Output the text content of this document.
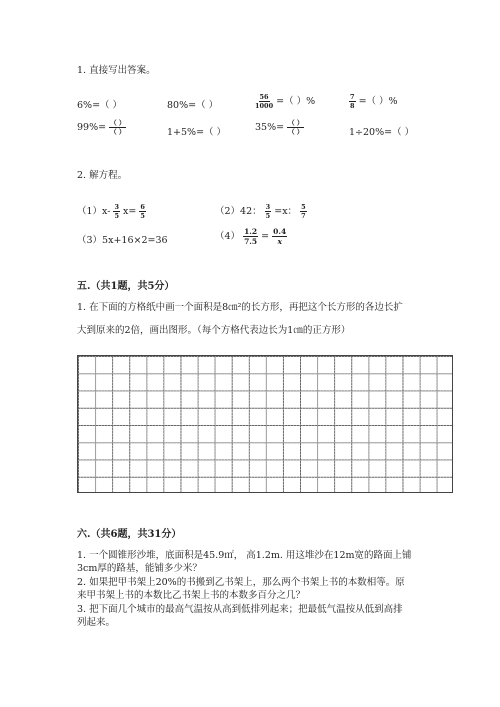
1. 直接写出答案。
6%=（ ）	80%=（ ）	$\frac{56}{1000}$ =（ ）%	$\frac{7}{8}$ =（ ）%
$99\%= \frac{( )}{( )}$	1+5%=（ ）	$35\%= \frac{( )}{( )}$	1÷20%=（ ）
2. 解方程。
$(1)x- \frac{3}{5} x= \frac{6}{5}$	（2）42： $\frac{3}{5} =x$： $\frac{5}{7}$
（3）5x+16×2=36	$(4) \frac{1.2}{7.5} = \frac{0.4}{x}$
五.（共1题，共5分）
1. 在下面的方格纸中画一个面积是8㎝²的长方形，再把这个长方形的各边长扩
大到原来的2倍，画出图形。（每个方格代表边长为1㎝的正方形）
六.（共6题，共31分）
1. 一个圆锥形沙堆，底面积是45.9㎡， 高1.2m. 用这堆沙在12m宽的路面上铺
3cm厚的路基，能铺多少米？
2. 如果把甲书架上20%的书搬到乙书架上，那么两个书架上书的本数相等。原
来甲书架上书的本数比乙书架上书的本数多百分之几？
3. 把下面几个城市的最高气温按从高到低排列起来；把最低气温按从低到高排
列起来。
